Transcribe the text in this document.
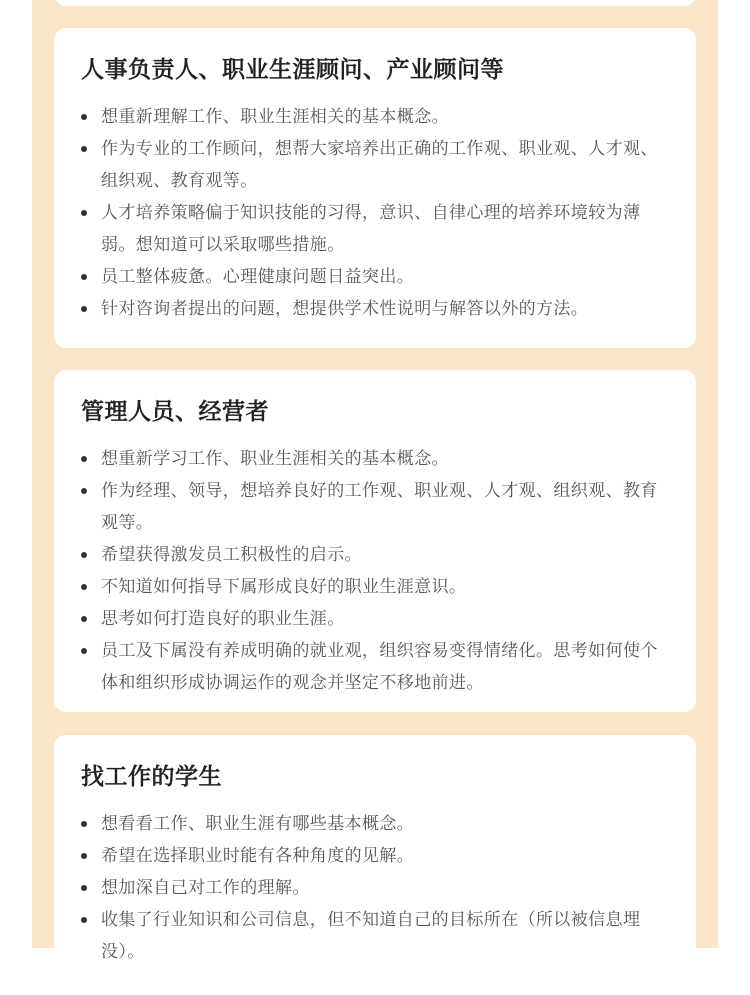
人事负责人、职业生涯顾问、产业顾问等
想重新理解工作、职业生涯相关的基本概念。
作为专业的工作顾问，想帮大家培养出正确的工作观、职业观、人才观、组织观、教育观等。
人才培养策略偏于知识技能的习得，意识、自律心理的培养环境较为薄弱。想知道可以采取哪些措施。
员工整体疲惫。心理健康问题日益突出。
针对咨询者提出的问题，想提供学术性说明与解答以外的方法。
管理人员、经营者
想重新学习工作、职业生涯相关的基本概念。
作为经理、领导，想培养良好的工作观、职业观、人才观、组织观、教育观等。
希望获得激发员工积极性的启示。
不知道如何指导下属形成良好的职业生涯意识。
思考如何打造良好的职业生涯。
员工及下属没有养成明确的就业观，组织容易变得情绪化。思考如何使个体和组织形成协调运作的观念并坚定不移地前进。
找工作的学生
想看看工作、职业生涯有哪些基本概念。
希望在选择职业时能有各种角度的见解。
想加深自己对工作的理解。
收集了行业知识和公司信息，但不知道自己的目标所在（所以被信息埋没）。
